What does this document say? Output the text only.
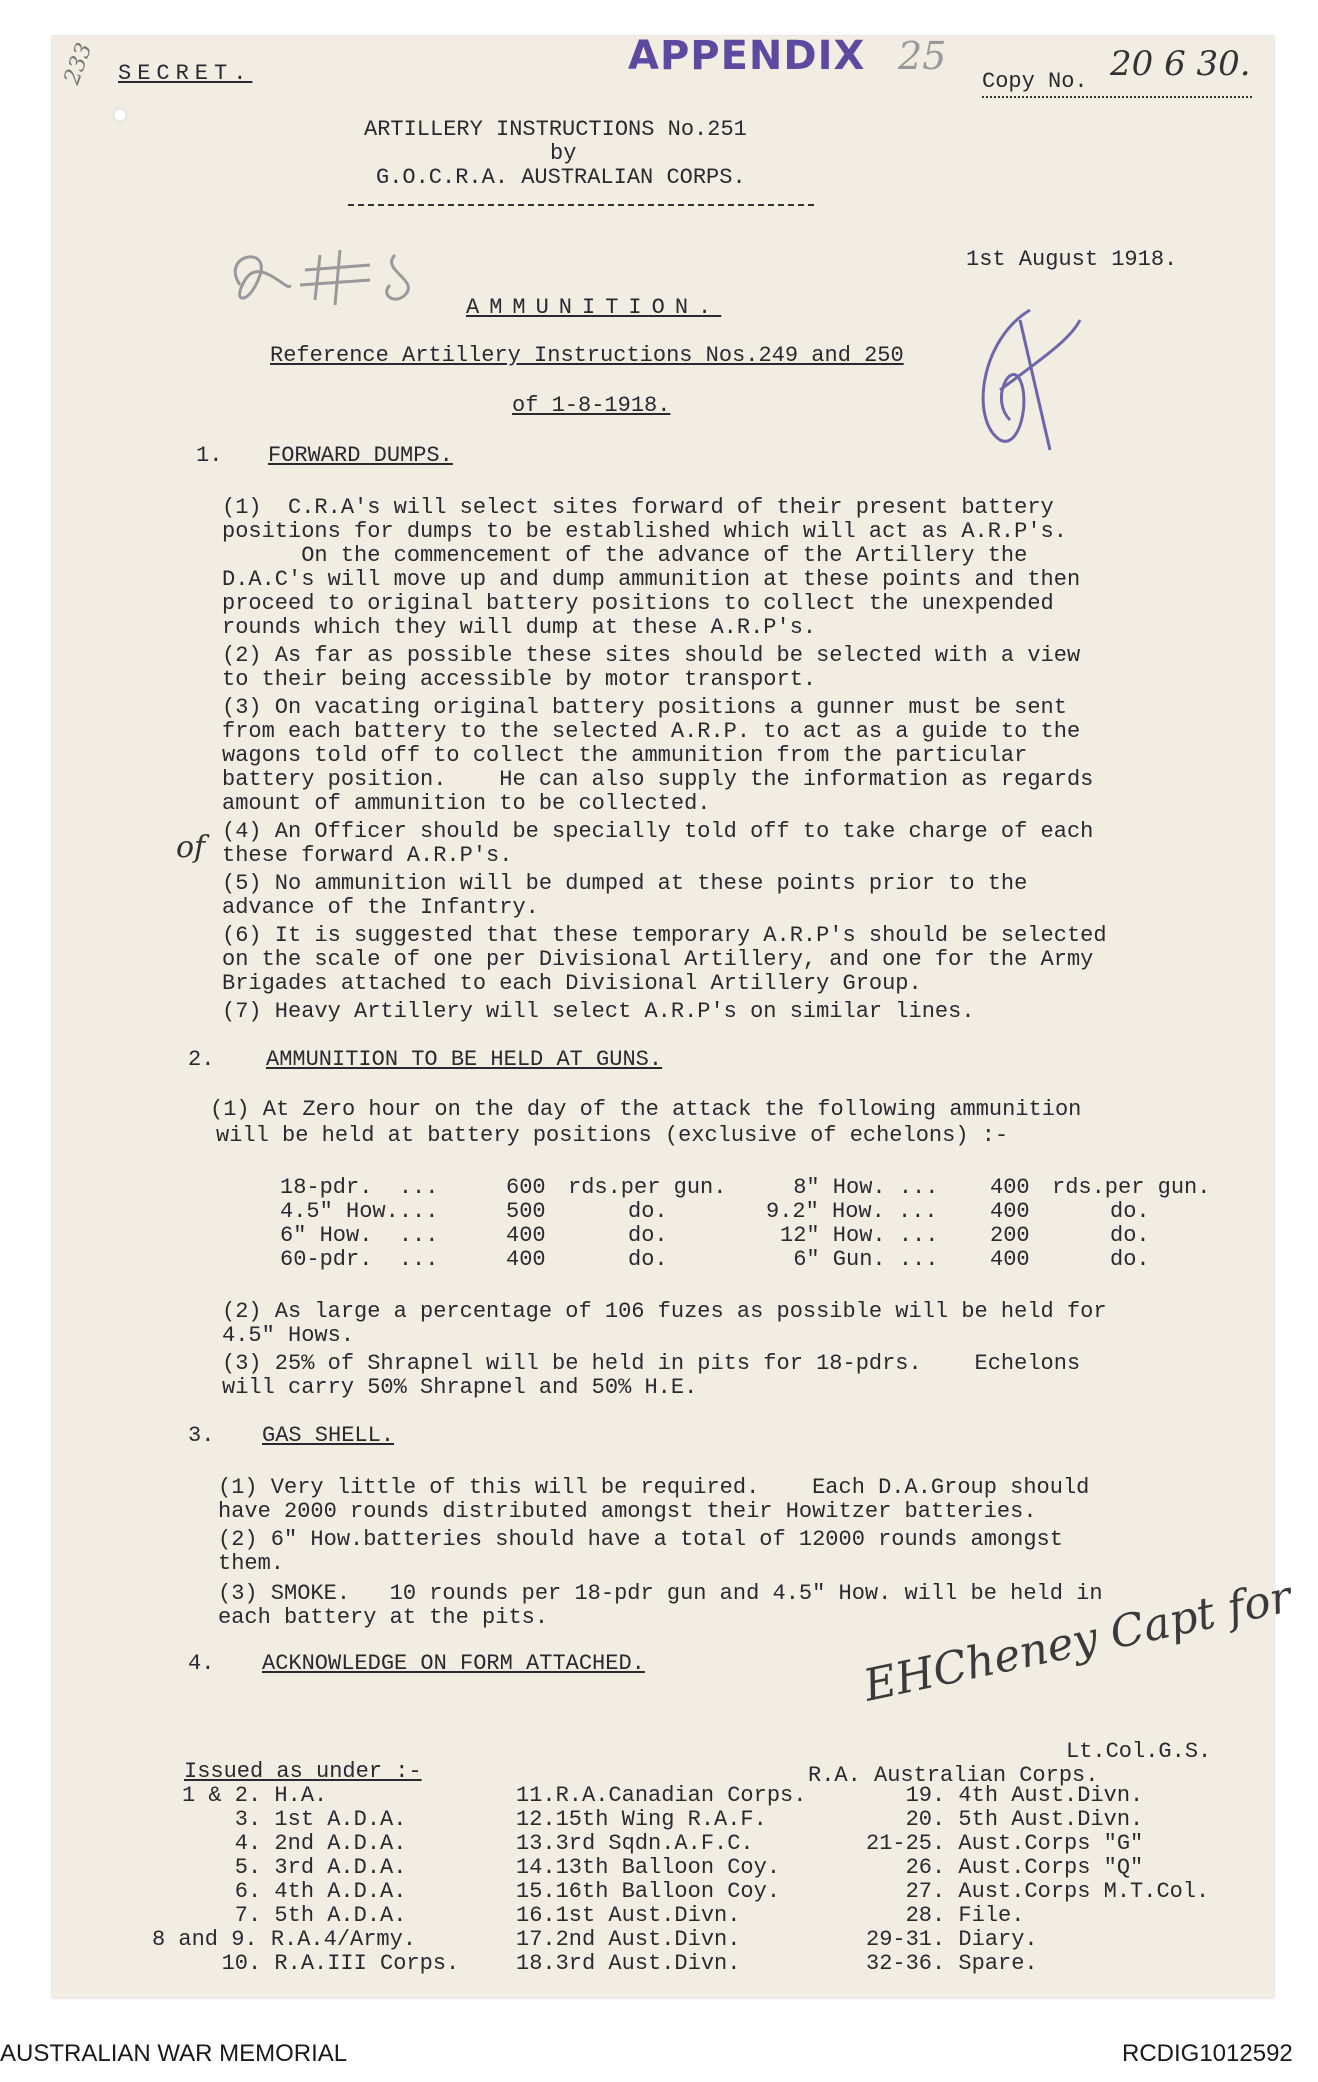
233 SECRET.	APPENDIX 25
Copy No. 20 6 30.
ARTILLERY INSTRUCTIONS No.251
by
G.O.C.R.A. AUSTRALIAN CORPS.
1st August 1918.
AMMUNITION.
Reference Artillery Instructions Nos.249 and 250
of 1-8-1918.
1. FORWARD DUMPS.
(1)  C.R.A's will select sites forward of their present battery
positions for dumps to be established which will act as A.R.P's.
On the commencement of the advance of the Artillery the
D.A.C's will move up and dump ammunition at these points and then
proceed to original battery positions to collect the unexpended
rounds which they will dump at these A.R.P's.
(2) As far as possible these sites should be selected with a view
to their being accessible by motor transport.
(3) On vacating original battery positions a gunner must be sent
from each battery to the selected A.R.P. to act as a guide to the
wagons told off to collect the ammunition from the particular
battery position.    He can also supply the information as regards
amount of ammunition to be collected.
(4) An Officer should be specially told off to take charge of each
these forward A.R.P's.
(5) No ammunition will be dumped at these points prior to the
advance of the Infantry.
(6) It is suggested that these temporary A.R.P's should be selected
on the scale of one per Divisional Artillery, and one for the Army
Brigades attached to each Divisional Artillery Group.
(7) Heavy Artillery will select A.R.P's on similar lines.
of
2. AMMUNITION TO BE HELD AT GUNS.
(1) At Zero hour on the day of the attack the following ammunition
will be held at battery positions (exclusive of echelons) :-
18-pdr.  ...	600 rds.per gun. 8" How. ... 400 rds.per gun.
4.5" How....	500	do.	9.2" How. ... 400	do.
6" How.  ...	400	do.	12" How. ... 200	do.
60-pdr.  ...	400	do.	6" Gun. ... 400	do.
(2) As large a percentage of 106 fuzes as possible will be held for
4.5" Hows.
(3) 25% of Shrapnel will be held in pits for 18-pdrs.    Echelons
will carry 50% Shrapnel and 50% H.E.
3. GAS SHELL.
(1) Very little of this will be required.    Each D.A.Group should
have 2000 rounds distributed amongst their Howitzer batteries.
(2) 6" How.batteries should have a total of 12000 rounds amongst
them.
(3) SMOKE.   10 rounds per 18-pdr gun and 4.5" How. will be held in
each battery at the pits.
4. ACKNOWLEDGE ON FORM ATTACHED.	EHCheney Capt for
Lt.Col.G.S.
R.A. Australian Corps.
Issued as under :-
1 & 2. H.A.
3. 1st A.D.A.
4. 2nd A.D.A.
5. 3rd A.D.A.
6. 4th A.D.A.
7. 5th A.D.A.
8 and 9. R.A.4/Army.
10. R.A.III Corps.
11.R.A.Canadian Corps.
12.15th Wing R.A.F.
13.3rd Sqdn.A.F.C.
14.13th Balloon Coy.
15.16th Balloon Coy.
16.1st Aust.Divn.
17.2nd Aust.Divn.
18.3rd Aust.Divn.
19. 4th Aust.Divn.
20. 5th Aust.Divn.
21-25. Aust.Corps "G"
26. Aust.Corps "Q"
27. Aust.Corps M.T.Col.
28. File.
29-31. Diary.
32-36. Spare.
AUSTRALIAN WAR MEMORIAL	RCDIG1012592
